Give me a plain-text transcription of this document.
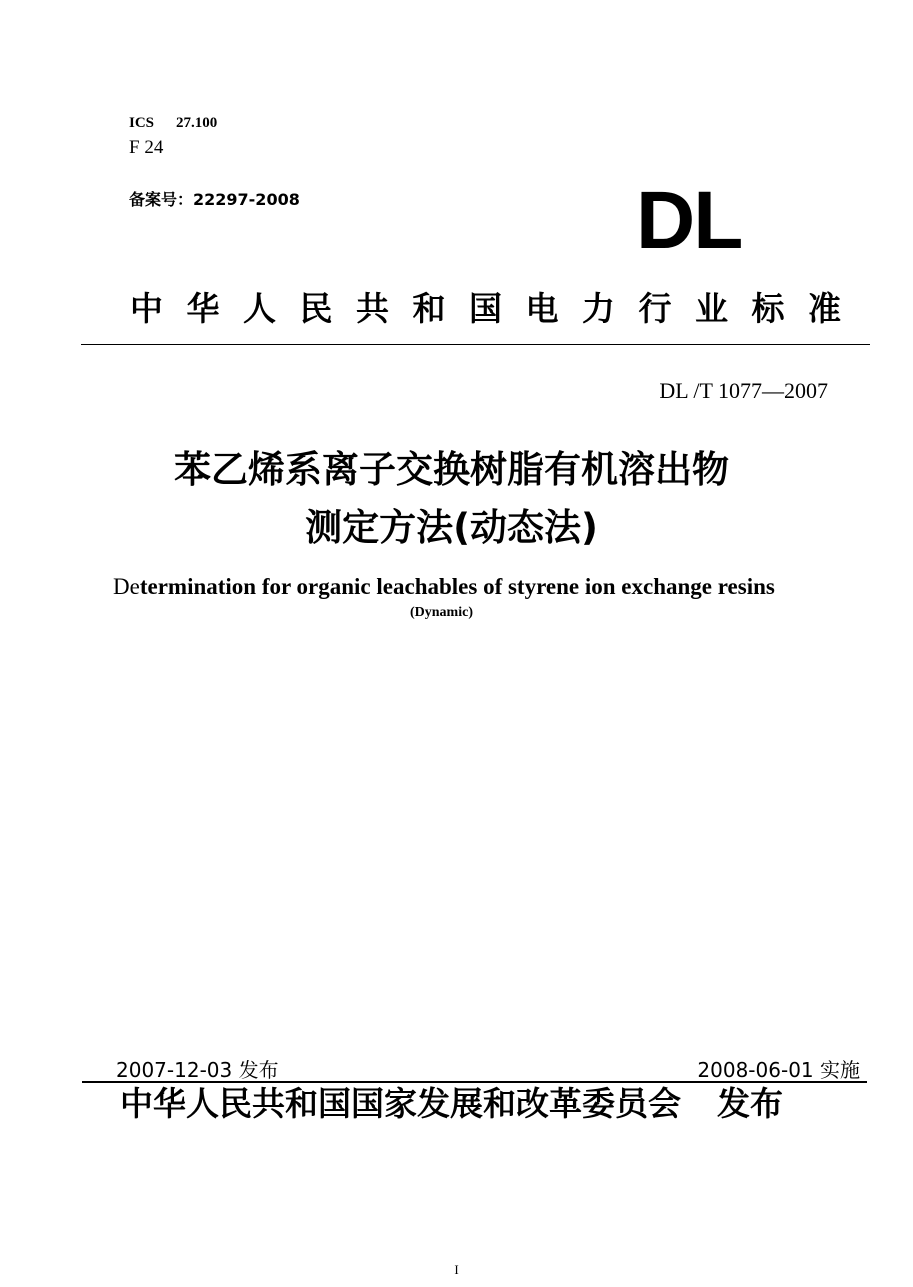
ICS 27.100
F 24
备案号：22297-2008	DL
中华人民共和国电力行业标准
DL /T 1077—2007
苯乙烯系离子交换树脂有机溶出物
测定方法(动态法)
Determination for organic leachables of styrene ion exchange resins
(Dynamic)
2007-12-03 发布	2008-06-01 实施
中华人民共和国国家发展和改革委员会 发布
I
